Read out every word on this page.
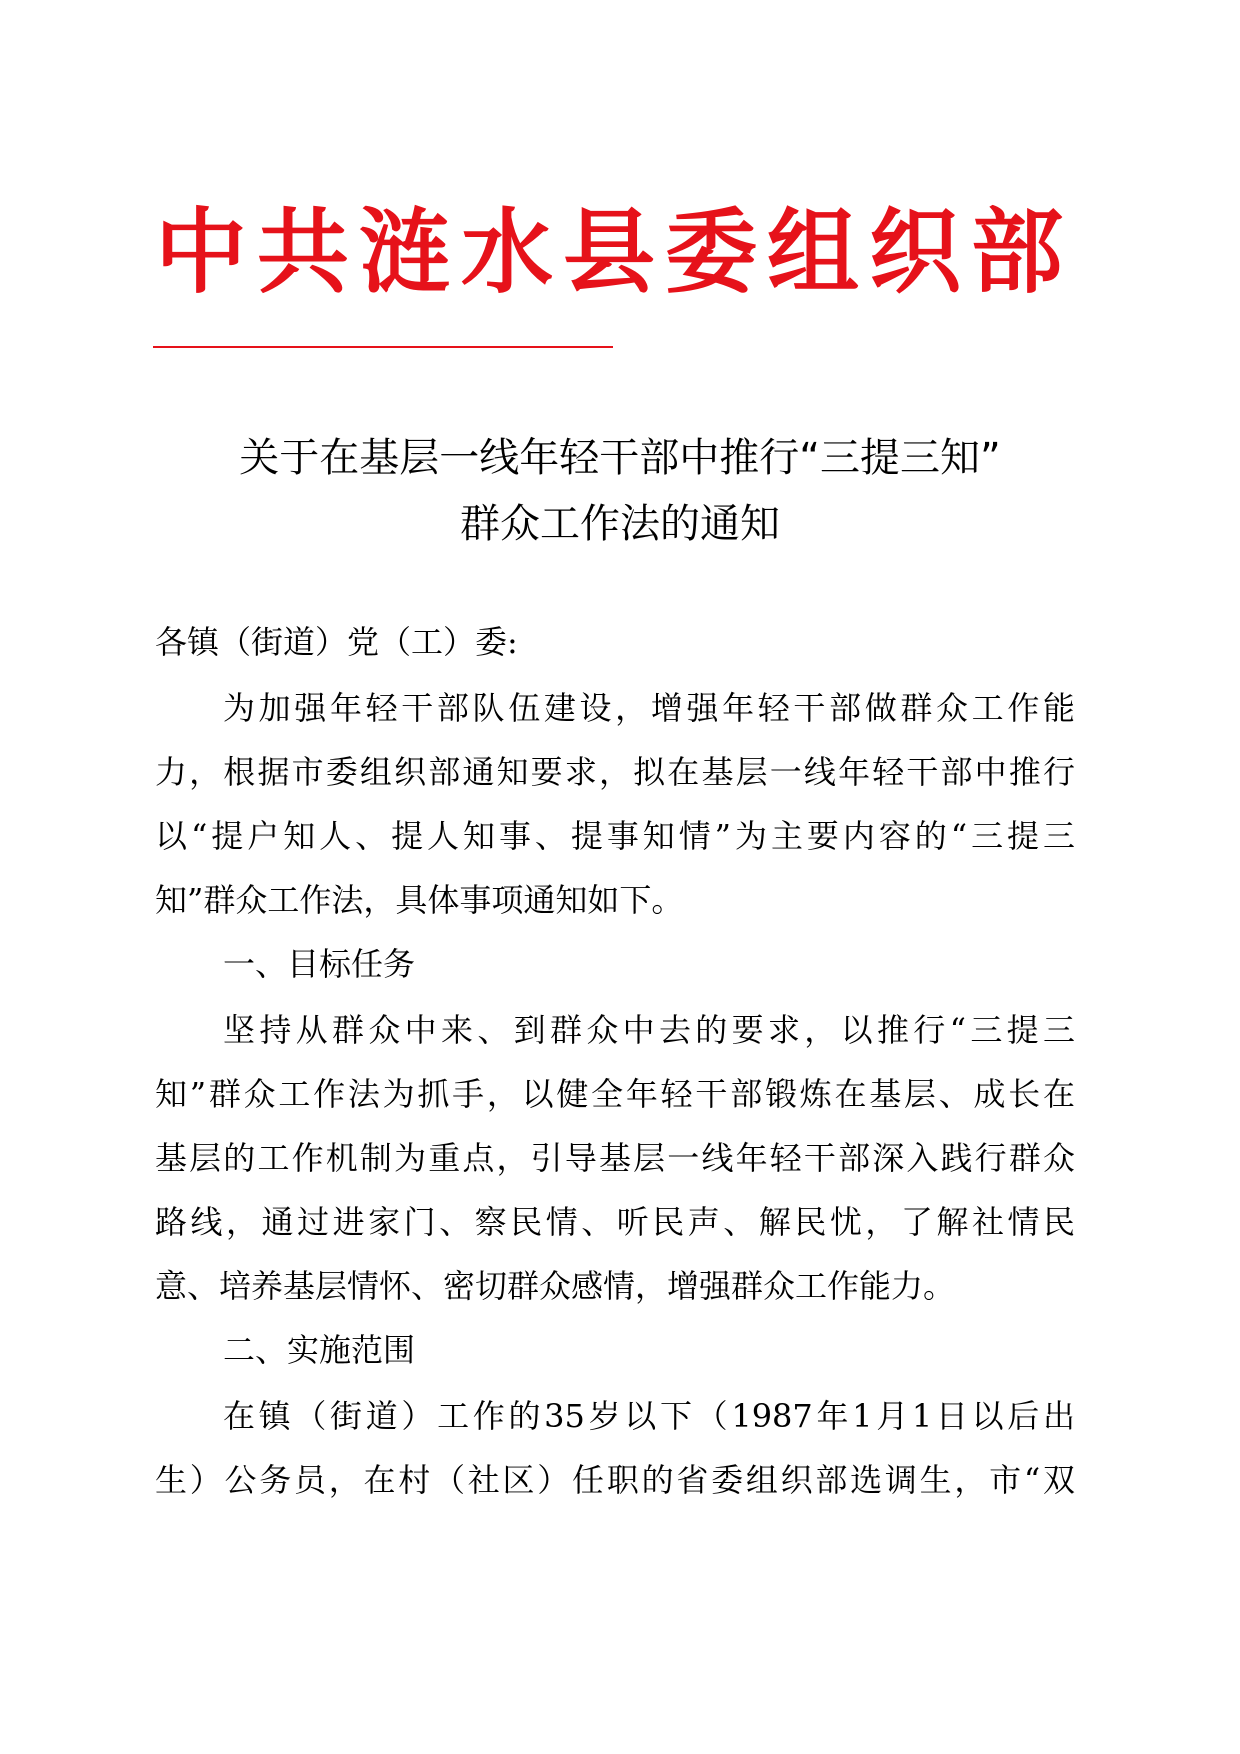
中共涟水县委组织部
关于在基层一线年轻干部中推行“三提三知”
群众工作法的通知
各镇（街道）党（工）委:
为加强年轻干部队伍建设，增强年轻干部做群众工作能
力，根据市委组织部通知要求，拟在基层一线年轻干部中推行
以“提户知人、提人知事、提事知情”为主要内容的“三提三
知”群众工作法，具体事项通知如下。
一、目标任务
坚持从群众中来、到群众中去的要求，以推行“三提三
知”群众工作法为抓手，以健全年轻干部锻炼在基层、成长在
基层的工作机制为重点，引导基层一线年轻干部深入践行群众
路线，通过进家门、察民情、听民声、解民忧，了解社情民
意、培养基层情怀、密切群众感情，增强群众工作能力。
二、实施范围
在镇（街道）工作的35岁以下（1987年1月1日以后出
生）公务员，在村（社区）任职的省委组织部选调生，市“双
